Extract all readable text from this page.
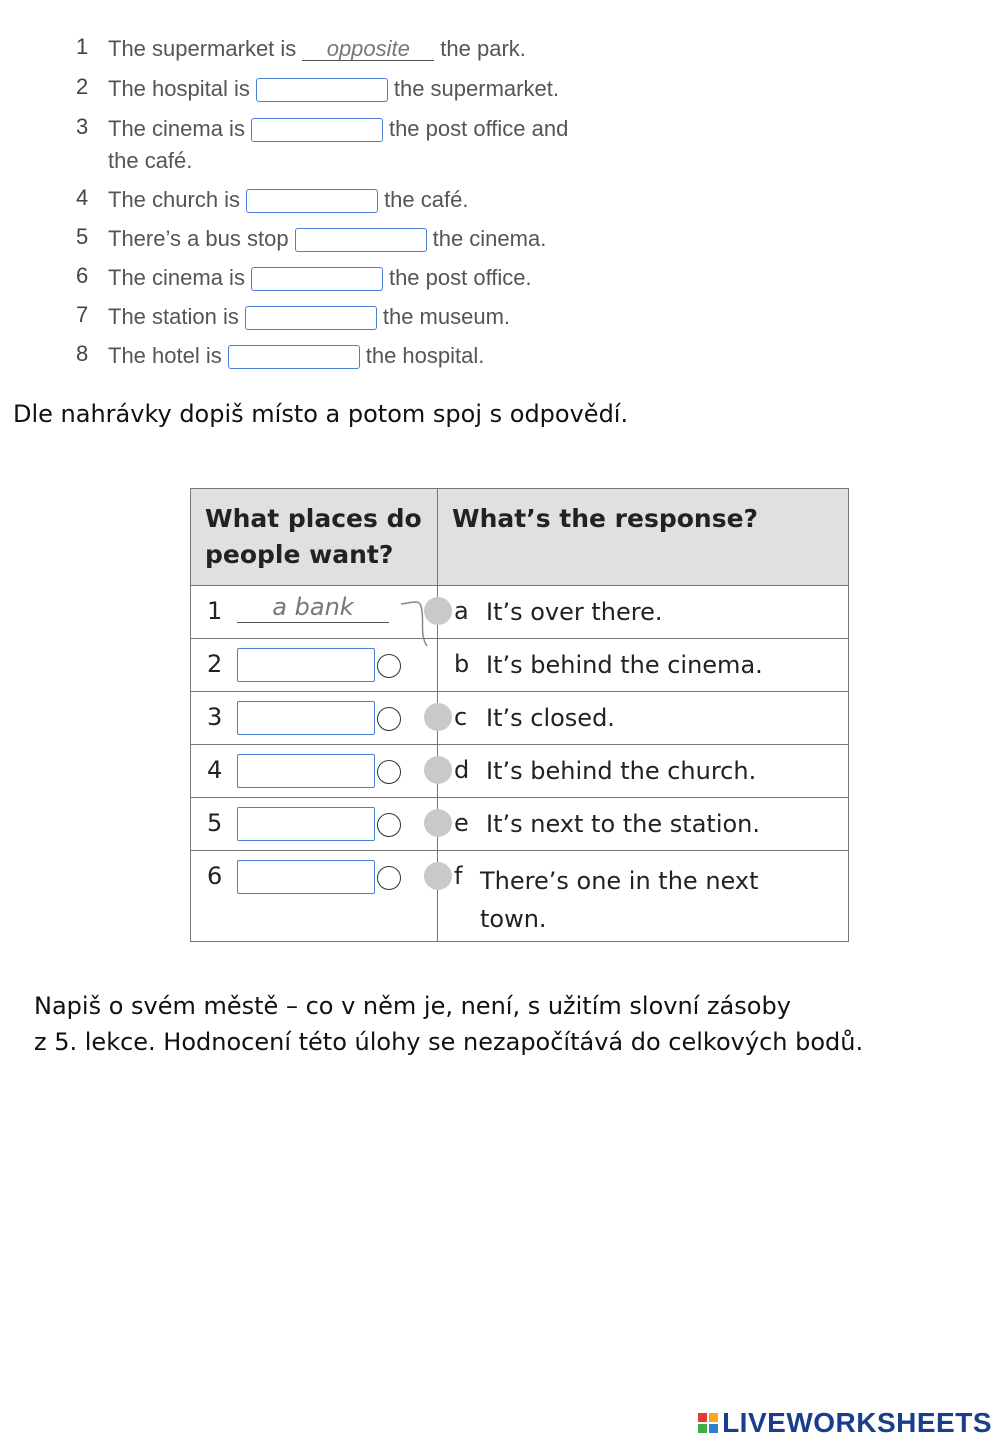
1 The supermarket is opposite the park.
2 The hospital is	the supermarket.
3 The cinema is	the post office and
the café.
4 The church is	the café.
5 There’s a bus stop	the cinema.
6 The cinema is	the post office.
7 The station is	the museum.
8 The hotel is	the hospital.
Dle nahrávky dopiš místo a potom spoj s odpovědí.
What places do people want?	What’s the response?

1 a bank	a It’s over there.

2	b It’s behind the cinema.

3	c It’s closed.

4	d It’s behind the church.

5	e It’s next to the station.

6	f There’s one in the next
town.
Napiš o svém městě – co v něm je, není, s užitím slovní zásoby
z 5. lekce. Hodnocení této úlohy se nezapočítává do celkových bodů.
LIVEWORKSHEETS
